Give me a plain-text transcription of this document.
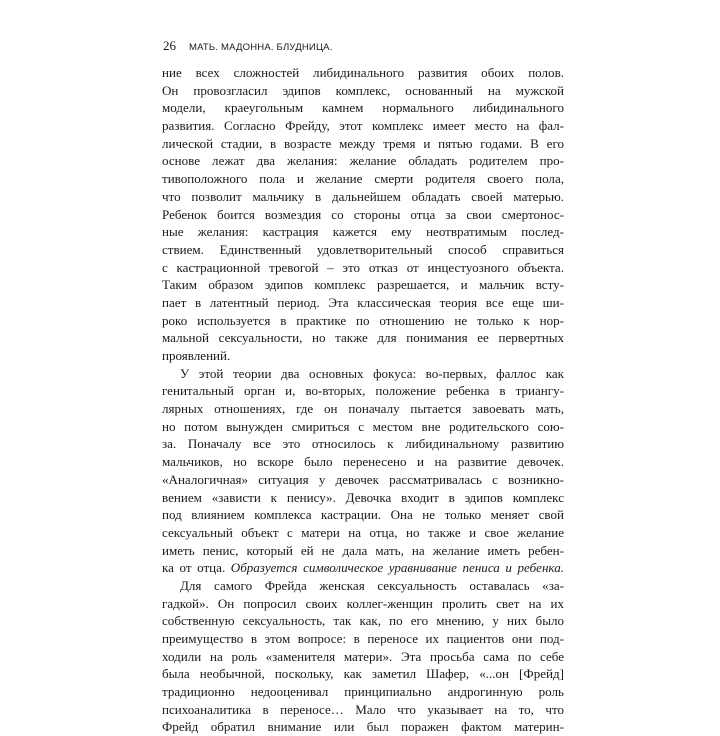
26 МАТЬ. МАДОННА. БЛУДНИЦА.
ние всех сложностей либидинального развития обоих полов.
Он провозгласил эдипов комплекс, основанный на мужской
модели, краеугольным камнем нормального либидинального
развития. Согласно Фрейду, этот комплекс имеет место на фал-
лической стадии, в возрасте между тремя и пятью годами. В его
основе лежат два желания: желание обладать родителем про-
тивоположного пола и желание смерти родителя своего пола,
что позволит мальчику в дальнейшем обладать своей матерью.
Ребенок боится возмездия со стороны отца за свои смертонос-
ные желания: кастрация кажется ему неотвратимым послед-
ствием. Единственный удовлетворительный способ справиться
с кастрационной тревогой – это отказ от инцестуозного объекта.
Таким образом эдипов комплекс разрешается, и мальчик всту-
пает в латентный период. Эта классическая теория все еще ши-
роко используется в практике по отношению не только к нор-
мальной сексуальности, но также для понимания ее первертных
проявлений.
У этой теории два основных фокуса: во-первых, фаллос как
генитальный орган и, во-вторых, положение ребенка в триангу-
лярных отношениях, где он поначалу пытается завоевать мать,
но потом вынужден смириться с местом вне родительского сою-
за. Поначалу все это относилось к либидинальному развитию
мальчиков, но вскоре было перенесено и на развитие девочек.
«Аналогичная» ситуация у девочек рассматривалась с возникно-
вением «зависти к пенису». Девочка входит в эдипов комплекс
под влиянием комплекса кастрации. Она не только меняет свой
сексуальный объект с матери на отца, но также и свое желание
иметь пенис, который ей не дала мать, на желание иметь ребен-
ка от отца. Образуется символическое уравнивание пениса и ребенка.
Для самого Фрейда женская сексуальность оставалась «за-
гадкой». Он попросил своих коллег-женщин пролить свет на их
собственную сексуальность, так как, по его мнению, у них было
преимущество в этом вопросе: в переносе их пациентов они под-
ходили на роль «заменителя матери». Эта просьба сама по себе
была необычной, поскольку, как заметил Шафер, «...он [Фрейд]
традиционно недооценивал принципиально андрогинную роль
психоаналитика в переносе… Мало что указывает на то, что
Фрейд обратил внимание или был поражен фактом материн-
